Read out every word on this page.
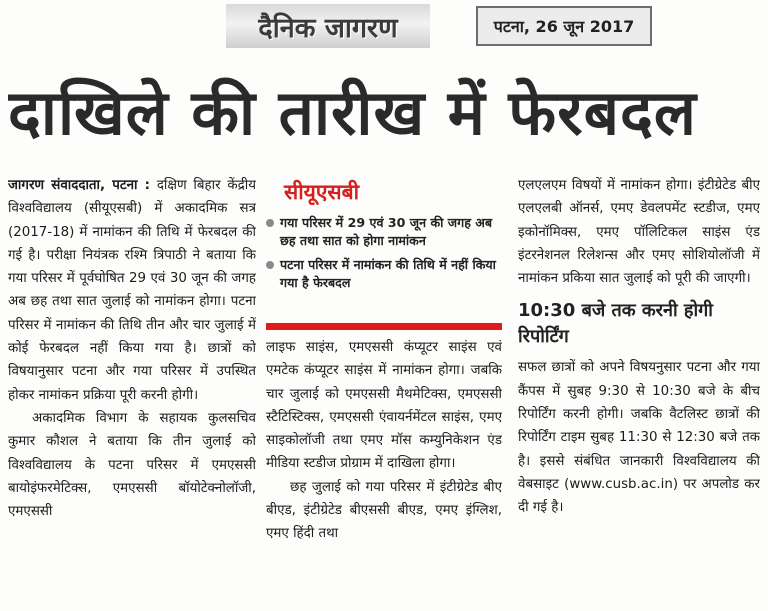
दैनिक जागरण	पटना, 26 जून 2017
दाखिले की तारीख में फेरबदल

जागरण संवाददाता, पटना : दक्षिण बिहार केंद्रीय विश्वविद्यालय (सीयूएसबी) में अकादमिक सत्र (2017-18) में नामांकन की तिथि में फेरबदल की गई है। परीक्षा नियंत्रक रश्मि त्रिपाठी ने बताया कि गया परिसर में पूर्वघोषित 29 एवं 30 जून की जगह अब छह तथा सात जुलाई को नामांकन होगा। पटना परिसर में नामांकन की तिथि तीन और चार जुलाई में कोई फेरबदल नहीं किया गया है। छात्रों को विषयानुसार पटना और गया परिसर में उपस्थित होकर नामांकन प्रक्रिया पूरी करनी होगी।

अकादमिक विभाग के सहायक कुलसचिव कुमार कौशल ने बताया कि तीन जुलाई को विश्वविद्यालय के पटना परिसर में एमएससी बायोइंफरमेटिक्स, एमएससी बॉयोटेक्नोलॉजी, एमएससी

सीयूएसबी
गया परिसर में 29 एवं 30 जून की जगह अब छह तथा सात को होगा नामांकन
पटना परिसर में नामांकन की तिथि में नहीं किया गया है फेरबदल

लाइफ साइंस, एमएससी कंप्यूटर साइंस एवं एमटेक कंप्यूटर साइंस में नामांकन होगा। जबकि चार जुलाई को एमएससी मैथमेटिक्स, एमएससी स्टैटिस्टिक्स, एमएससी एंवायर्नमेंटल साइंस, एमए साइकोलॉजी तथा एमए मॉस कम्युनिकेशन एंड मीडिया स्टडीज प्रोग्राम में दाखिला होगा।

छह जुलाई को गया परिसर में इंटीग्रेटेड बीए बीएड, इंटीग्रेटेड बीएससी बीएड, एमए इंग्लिश, एमए हिंदी तथा

एलएलएम विषयों में नामांकन होगा। इंटीग्रेटेड बीए एलएलबी ऑनर्स, एमए डेवलपमेंट स्टडीज, एमए इकोनॉमिक्स, एमए पॉलिटिकल साइंस एंड इंटरनेशनल रिलेशन्स और एमए सोशियोलॉजी में नामांकन प्रकिया सात जुलाई को पूरी की जाएगी।

10:30 बजे तक करनी होगी रिपोर्टिंग

सफल छात्रों को अपने विषयनुसार पटना और गया कैंपस में सुबह 9:30 से 10:30 बजे के बीच रिपोर्टिंग करनी होगी। जबकि वैटलिस्ट छात्रों की रिपोर्टिंग टाइम सुबह 11:30 से 12:30 बजे तक है। इससे संबंधित जानकारी विश्वविद्यालय की वेबसाइट (www.cusb.ac.in) पर अपलोड कर दी गई है।
